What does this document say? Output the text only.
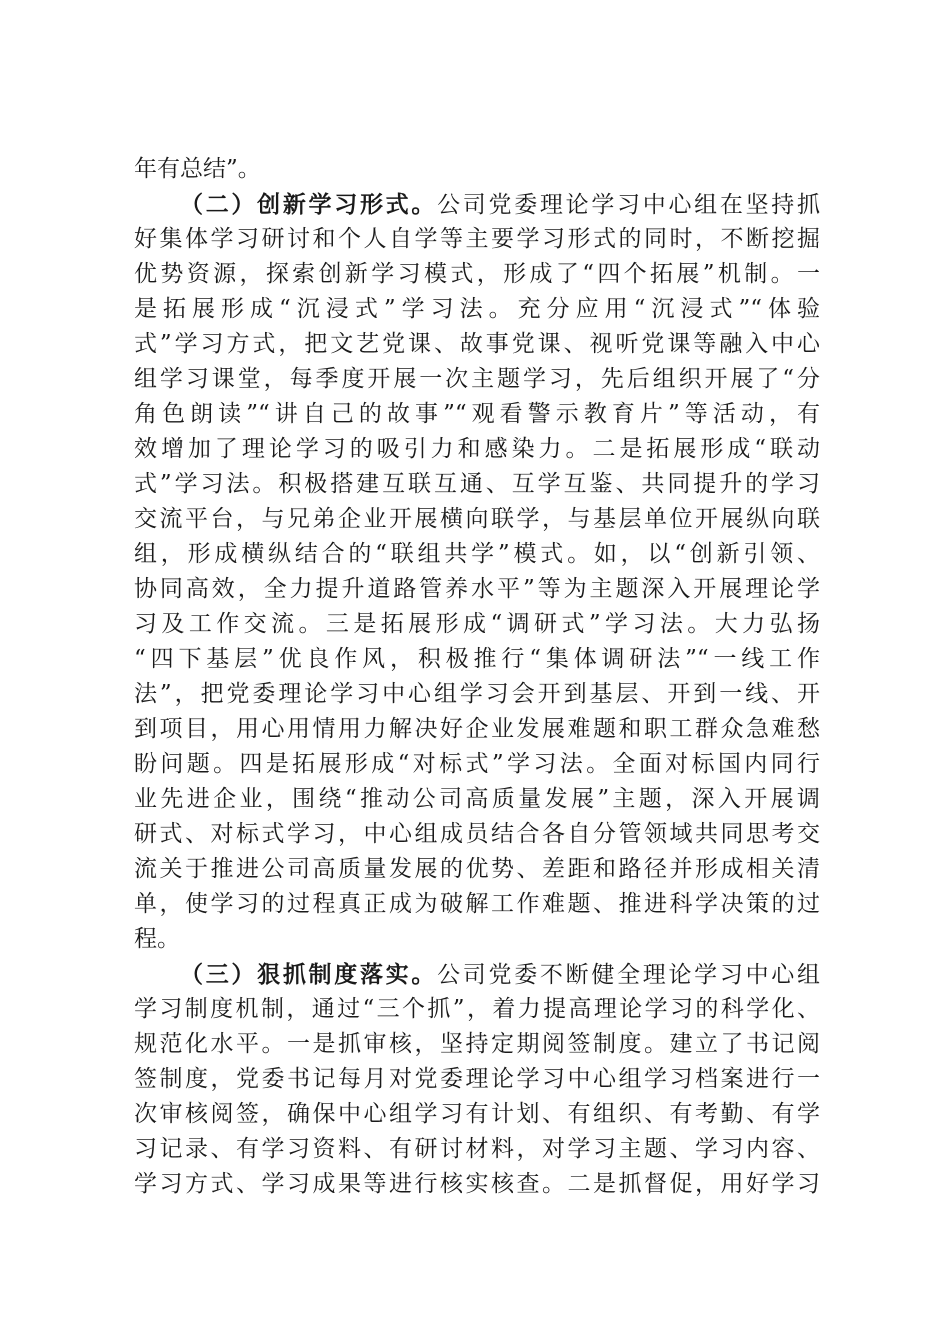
年有总结”。
（二）创新学习形式。公司党委理论学习中心组在坚持抓
好集体学习研讨和个人自学等主要学习形式的同时，不断挖掘
优势资源，探索创新学习模式，形成了“四个拓展”机制。一
是拓展形成“沉浸式”学习法。充分应用“沉浸式”“体验
式”学习方式，把文艺党课、故事党课、视听党课等融入中心
组学习课堂，每季度开展一次主题学习，先后组织开展了“分
角色朗读”“讲自己的故事”“观看警示教育片”等活动，有
效增加了理论学习的吸引力和感染力。二是拓展形成“联动
式”学习法。积极搭建互联互通、互学互鉴、共同提升的学习
交流平台，与兄弟企业开展横向联学，与基层单位开展纵向联
组，形成横纵结合的“联组共学”模式。如，以“创新引领、
协同高效，全力提升道路管养水平”等为主题深入开展理论学
习及工作交流。三是拓展形成“调研式”学习法。大力弘扬
“四下基层”优良作风，积极推行“集体调研法”“一线工作
法”，把党委理论学习中心组学习会开到基层、开到一线、开
到项目，用心用情用力解决好企业发展难题和职工群众急难愁
盼问题。四是拓展形成“对标式”学习法。全面对标国内同行
业先进企业，围绕“推动公司高质量发展”主题，深入开展调
研式、对标式学习，中心组成员结合各自分管领域共同思考交
流关于推进公司高质量发展的优势、差距和路径并形成相关清
单，使学习的过程真正成为破解工作难题、推进科学决策的过
程。
（三）狠抓制度落实。公司党委不断健全理论学习中心组
学习制度机制，通过“三个抓”，着力提高理论学习的科学化、
规范化水平。一是抓审核，坚持定期阅签制度。建立了书记阅
签制度，党委书记每月对党委理论学习中心组学习档案进行一
次审核阅签，确保中心组学习有计划、有组织、有考勤、有学
习记录、有学习资料、有研讨材料，对学习主题、学习内容、
学习方式、学习成果等进行核实核查。二是抓督促，用好学习
